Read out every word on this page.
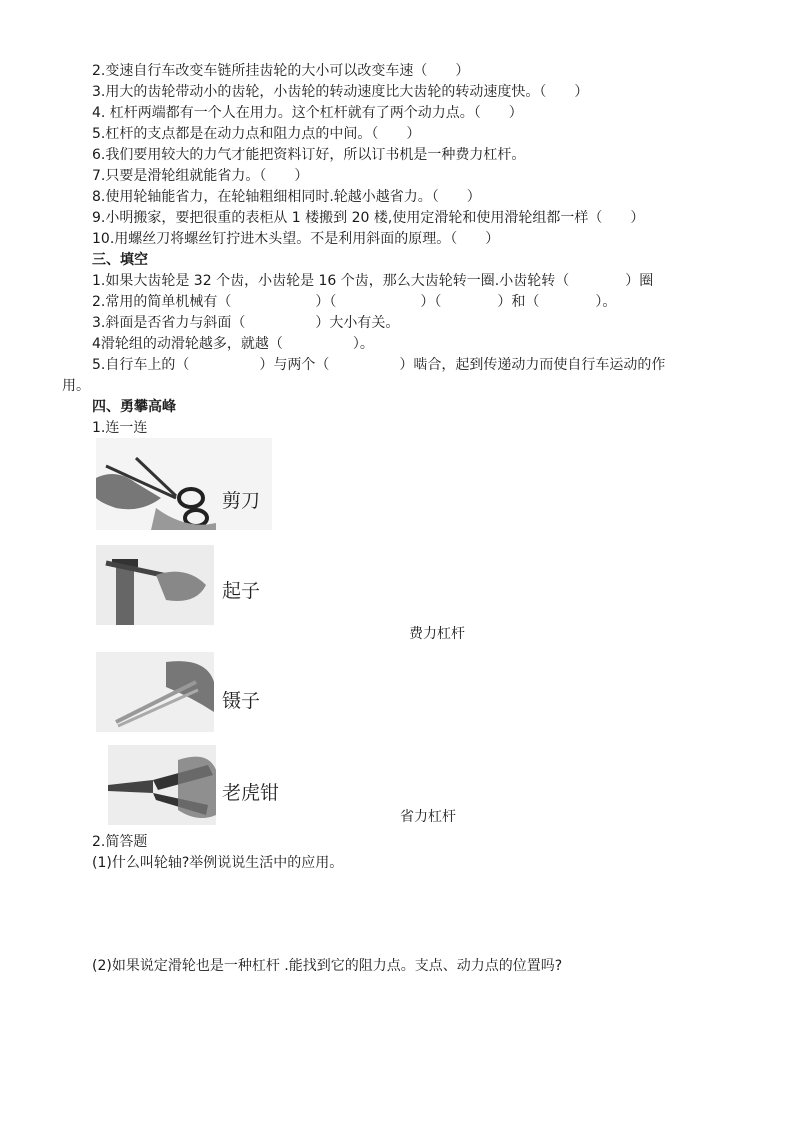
2.变速自行车改变车链所挂齿轮的大小可以改变车速（　　）
3.用大的齿轮带动小的齿轮，小齿轮的转动速度比大齿轮的转动速度快。（　　）
4. 杠杆两端都有一个人在用力。这个杠杆就有了两个动力点。（　　）
5.杠杆的支点都是在动力点和阻力点的中间。（　　）
6.我们要用较大的力气才能把资料订好，所以订书机是一种费力杠杆。
7.只要是滑轮组就能省力。（　　）
8.使用轮轴能省力，在轮轴粗细相同时.轮越小越省力。（　　）
9.小明搬家，要把很重的表柜从 1 楼搬到 20 楼,使用定滑轮和使用滑轮组都一样（　　）
10.用螺丝刀将螺丝钉拧进木头望。不是利用斜面的原理。（　　）
三、填空
1.如果大齿轮是 32 个齿，小齿轮是 16 个齿，那么大齿轮转一圈.小齿轮转（　　　　）圈
2.常用的简单机械有（　　　　　　）（　　　　　　）（　　　　）和（　　　　）。
3.斜面是否省力与斜面（　　　　　）大小有关。
4滑轮组的动滑轮越多，就越（　　　　　）。
5.自行车上的（　　　　　）与两个（　　　　　）啮合，起到传递动力而使自行车运动的作
用。
四、勇攀高峰
1.连一连
剪刀
起子
费力杠杆
镊子
老虎钳
省力杠杆
2.简答题
(1)什么叫轮轴?举例说说生活中的应用。
(2)如果说定滑轮也是一种杠杆 .能找到它的阻力点。支点、动力点的位置吗?
